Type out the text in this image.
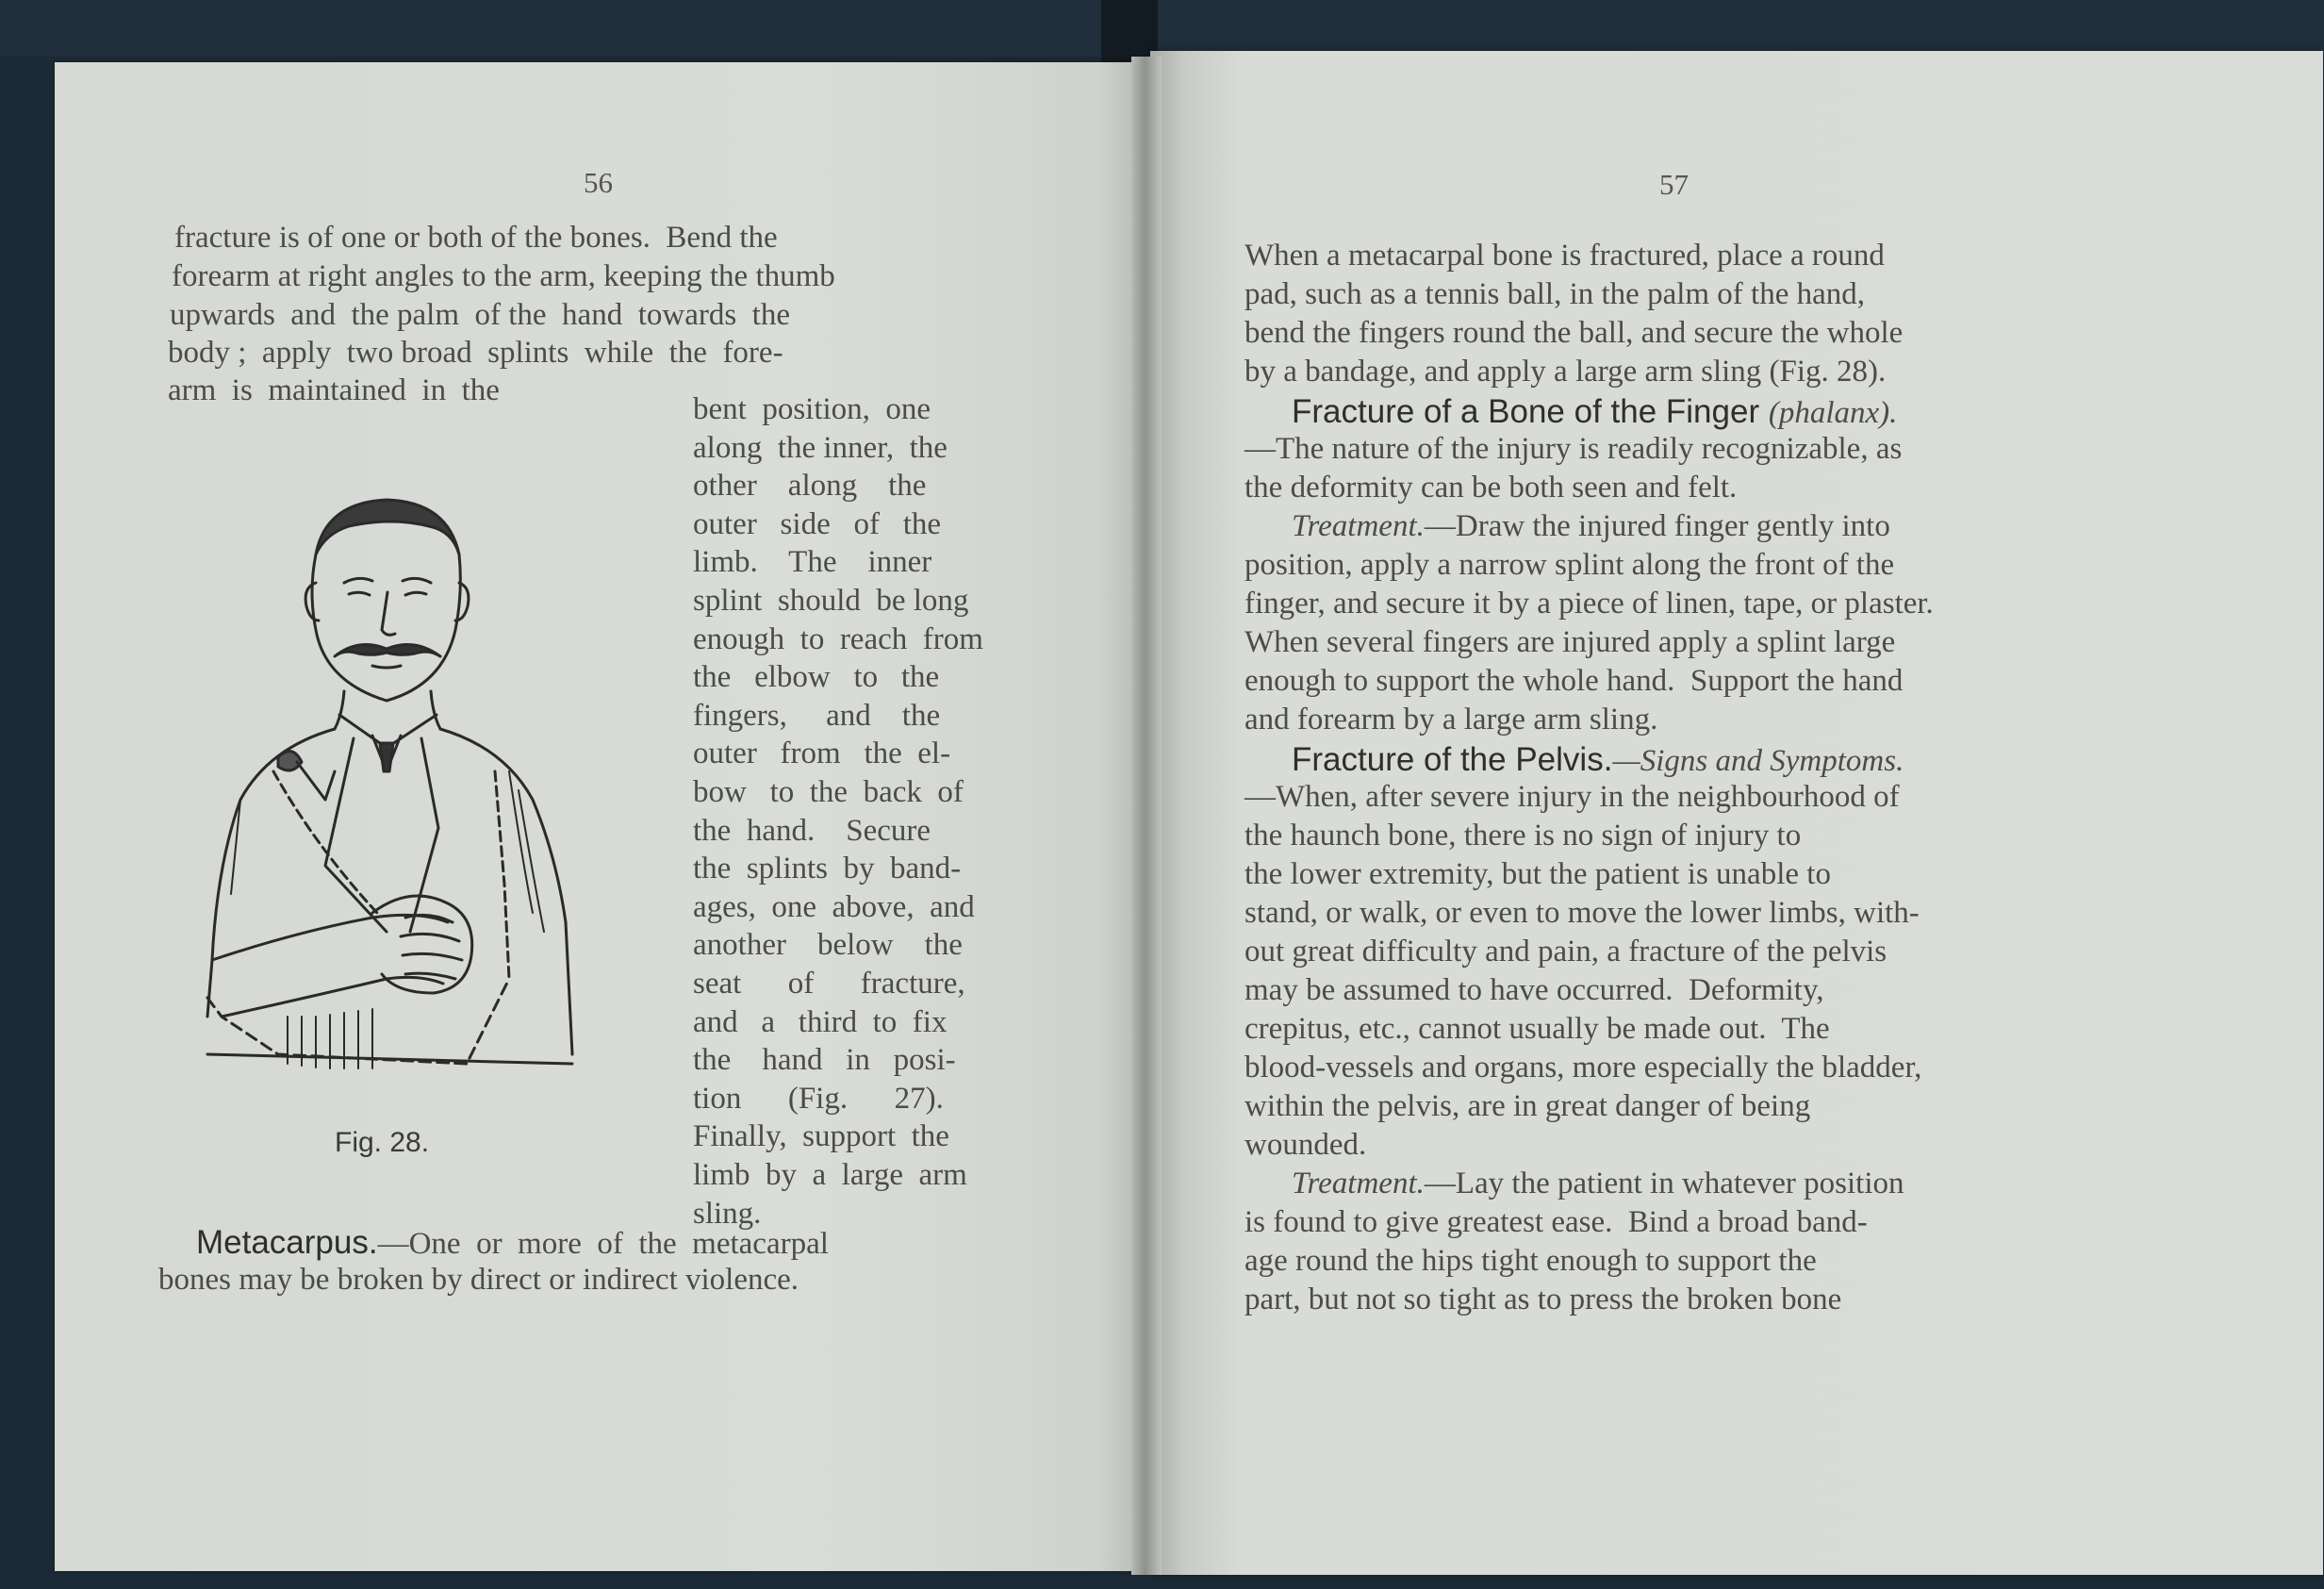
56
fracture is of one or both of the bones.  Bend the
forearm at right angles to the arm, keeping the thumb
upwards  and  the palm  of the  hand  towards  the
body ;  apply  two broad  splints  while  the  fore-
arm  is  maintained  in  the
Fig. 28.
Metacarpus.—One  or  more  of  the  metacarpal
bones may be broken by direct or indirect violence.
57
bent  position,  one
along  the inner,  the
other    along    the
outer   side   of   the
limb.    The    inner
splint  should  be long
enough  to  reach  from
the   elbow   to   the
fingers,     and    the
outer   from   the  el-
bow   to  the  back  of
the  hand.    Secure
the  splints  by  band-
ages,  one  above,  and
another    below    the
seat      of      fracture,
and   a   third  to  fix
the    hand   in   posi-
tion      (Fig.      27).
Finally,  support  the
limb  by  a  large  arm
sling.
When a metacarpal bone is fractured, place a round
pad, such as a tennis ball, in the palm of the hand,
bend the fingers round the ball, and secure the whole
by a bandage, and apply a large arm sling (Fig. 28).
Fracture of a Bone of the Finger (phalanx).
—The nature of the injury is readily recognizable, as
the deformity can be both seen and felt.
Treatment.—Draw the injured finger gently into
position, apply a narrow splint along the front of the
finger, and secure it by a piece of linen, tape, or plaster.
When several fingers are injured apply a splint large
enough to support the whole hand.  Support the hand
and forearm by a large arm sling.
Fracture of the Pelvis.—Signs and Symptoms.
—When, after severe injury in the neighbourhood of
the haunch bone, there is no sign of injury to
the lower extremity, but the patient is unable to
stand, or walk, or even to move the lower limbs, with-
out great difficulty and pain, a fracture of the pelvis
may be assumed to have occurred.  Deformity,
crepitus, etc., cannot usually be made out.  The
blood-vessels and organs, more especially the bladder,
within the pelvis, are in great danger of being
wounded.
Treatment.—Lay the patient in whatever position
is found to give greatest ease.  Bind a broad band-
age round the hips tight enough to support the
part, but not so tight as to press the broken bone
